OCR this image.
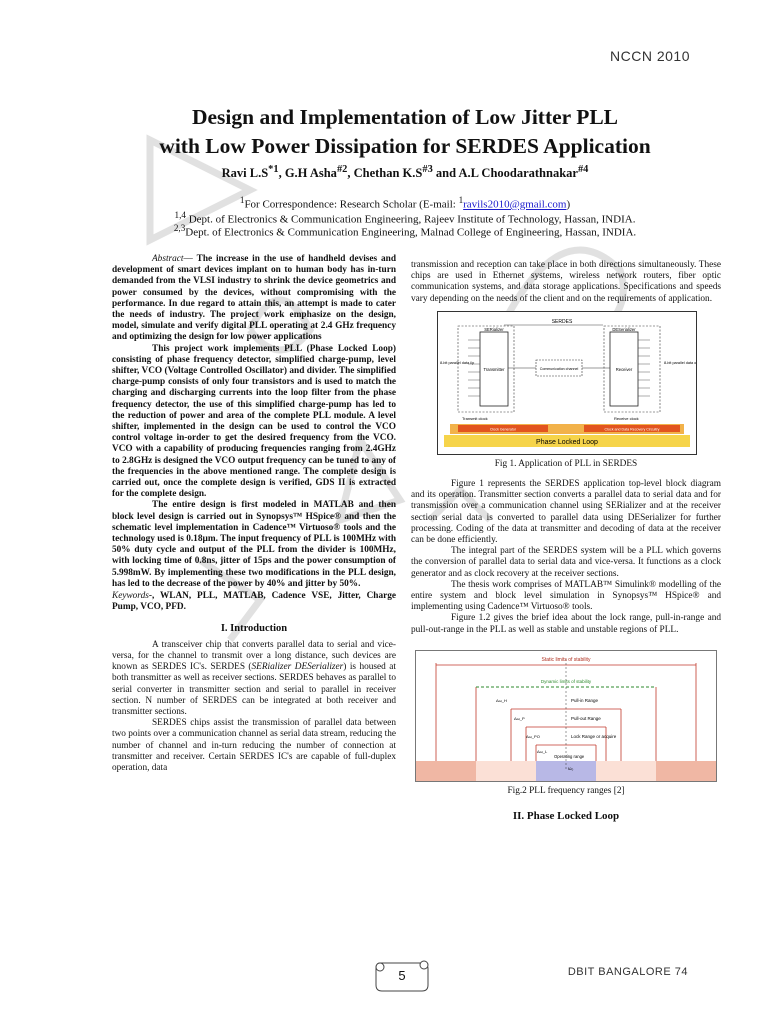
NCCN 2010
Design and Implementation of Low Jitter PLL
with Low Power Dissipation for SERDES Application
Ravi $L.S^{*1}$, G.H Asha$^{\#2}$, Chethan $K.S^{\#3}$ and A.L Choodarathnakar$^{\#4}$
$^1$For Correspondence: Research Scholar (E-mail: $^1$ravils2010@gmail.com)
$^{1,4}$ Dept. of Electronics & Communication Engineering, Rajeev Institute of Technology, Hassan, INDIA.
$^{2,3}$Dept. of Electronics & Communication Engineering, Malnad College of Engineering, Hassan, INDIA.

Abstract— The increase in the use of handheld devises and development of smart devices implant on to human body has in-turn demanded from the VLSI industry to shrink the device geometrics and power consumed by the devices, without compromising with the performance. In due regard to attain this, an attempt is made to cater the needs of industry. The project work emphasize on the design, model, simulate and verify digital PLL operating at 2.4 GHz frequency and optimizing the design for low power applications

This project work implements PLL (Phase Locked Loop) consisting of phase frequency detector, simplified charge-pump, level shifter, VCO (Voltage Controlled Oscillator) and divider. The simplified charge-pump consists of only four transistors and is used to match the charging and discharging currents into the loop filter from the phase frequency detector, the use of this simplified charge-pump has led to the reduction of power and area of the complete PLL module. A level shifter, implemented in the design can be used to control the VCO control voltage in-order to get the desired frequency from the VCO. VCO with a capability of producing frequencies ranging from 2.4GHz to 2.8GHz is designed the VCO output frequency can be tuned to any of the frequencies in the above mentioned range. The complete design is carried out, once the complete design is verified, GDS II is extracted for the complete design.

The entire design is first modeled in MATLAB and then block level design is carried out in Synopsys™ HSpice® and then the schematic level implementation in Cadence™ Virtuoso® tools and the technology used is 0.18µm. The input frequency of PLL is 100MHz with 50% duty cycle and output of the PLL from the divider is 100MHz, with locking time of 0.8ns, jitter of 15ps and the power consumption of 5.998mW. By implementing these two modifications in the PLL design, has led to the decrease of the power by 40% and jitter by 50%.

Keywords-, WLAN, PLL, MATLAB, Cadence VSE, Jitter, Charge Pump, VCO, PFD.

I. Introduction

A transceiver chip that converts parallel data to serial and vice-versa, for the channel to transmit over a long distance, such devices are known as SERDES IC's. SERDES (SERializer DESerializer) is housed at both transmitter as well as receiver sections. SERDES behaves as parallel to serial converter in transmitter section and serial to parallel in receiver section. N number of SERDES can be integrated at both receiver and transmitter sections.

SERDES chips assist the transmission of parallel data between two points over a communication channel as serial data stream, reducing the number of channel and in-turn reducing the number of connection at transmitter and receiver. Certain SERDES IC's are capable of full-duplex operation, data

transmission and reception can take place in both directions simultaneously. These chips are used in Ethernet systems, wireless network routers, fiber optic communication systems, and data storage applications. Specifications and speeds vary depending on the needs of the client and on the requirements of application.

SERDES
SERializer	DESerializer
Transmitter	Receiver
Communication channel
8-bit parallel data i/p	8-bit parallel data o/p
Transmit clock	Receive clock
Clock Generator	Clock and Data Recovery Circuitry
Phase Locked Loop

Fig 1. Application of PLL in SERDES

Figure 1 represents the SERDES application top-level block diagram and its operation. Transmitter section converts a parallel data to serial data and for transmission over a communication channel using SERializer and at the receiver section serial data is converted to parallel data using DESerializer for further processing. Coding of the data at transmitter and decoding of data at the receiver can be done efficiently.

The integral part of the SERDES system will be a PLL which governs the conversion of parallel data to serial data and vice-versa. It functions as a clock generator and as clock recovery at the receiver sections.

The thesis work comprises of MATLAB™ Simulink® modelling of the entire system and block level simulation in Synopsys™ HSpice® and implementing using Cadence™ Virtuoso® tools.

Figure 1.2 gives the brief idea about the lock range, pull-in-range and pull-out-range in the PLL as well as stable and unstable regions of PLL.

Static limits of stability
Dynamic limits of stability
Δω_H	Pull-in Range
Δω_P	Pull-out Range
Δω_PO	Lock Range or acquire
Δω_L
Operating range
ω₀

Fig.2 PLL frequency ranges [2]

II. Phase Locked Loop

DBIT BANGALORE 74
5
